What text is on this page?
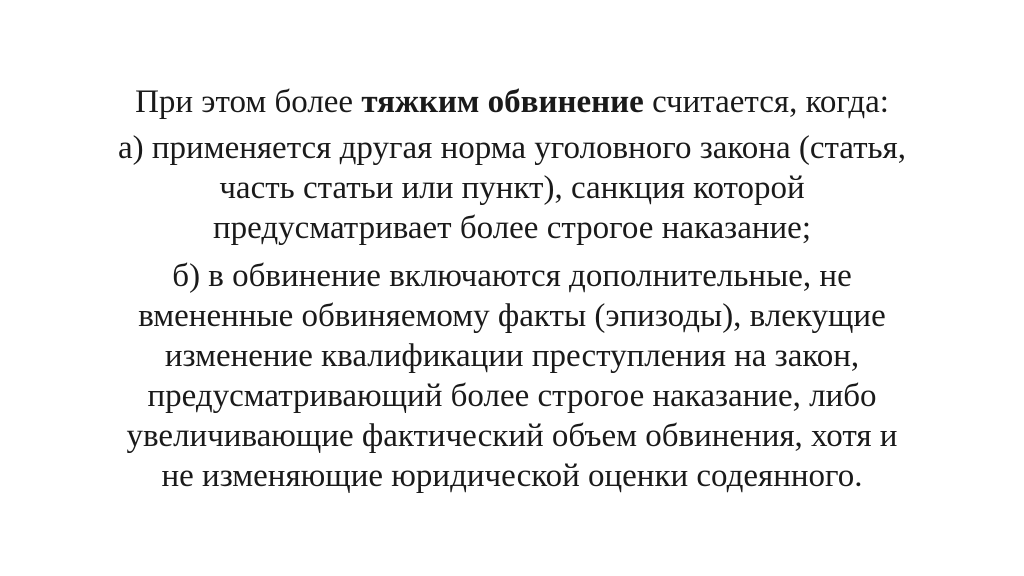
При этом более тяжким обвинение считается, когда:

а) применяется другая норма уголовного закона (статья,
часть статьи или пункт), санкция которой
предусматривает более строгое наказание;

б) в обвинение включаются дополнительные, не
вмененные обвиняемому факты (эпизоды), влекущие
изменение квалификации преступления на закон,
предусматривающий более строгое наказание, либо
увеличивающие фактический объем обвинения, хотя и
не изменяющие юридической оценки содеянного.
